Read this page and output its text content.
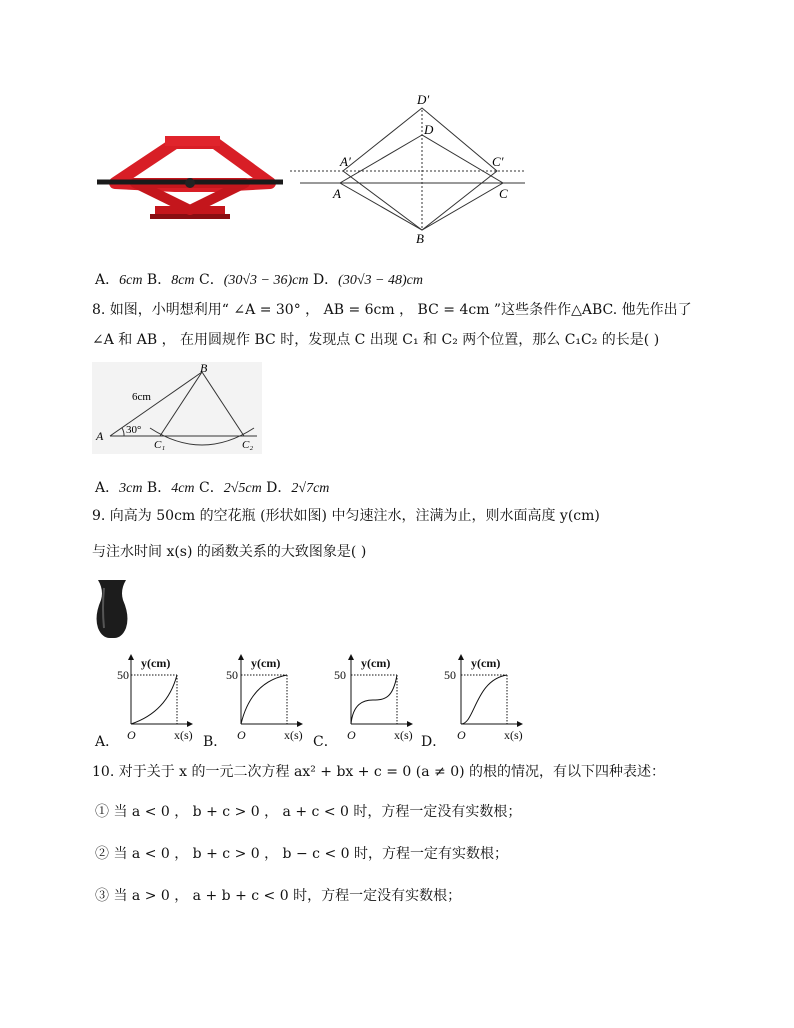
D′
D
A′	C′
A	C
B
A．6cm B．8cm C．(30√3 − 36)cm D．(30√3 − 48)cm
8. 如图，小明想利用“ ∠A = 30° ， AB = 6cm ， BC = 4cm ”这些条件作△ABC. 他先作出了
∠A 和 AB ， 在用圆规作 BC 时，发现点 C 出现 C₁ 和 C₂ 两个位置，那么 C₁C₂ 的长是( )
B
A
6cm
30°
C₁	C₂
A．3cm B．4cm C．2√5cm D．2√7cm
9. 向高为 50cm 的空花瓶 (形状如图) 中匀速注水，注满为止，则水面高度 y(cm)
与注水时间 x(s) 的函数关系的大致图象是( )
y(cm)
50
O	x(s)
y(cm)
50
O	x(s)
y(cm)
50
O	x(s)
y(cm)
50
O	x(s)
A．	B．	C．	D．
10. 对于关于 x 的一元二次方程 ax² + bx + c = 0 (a ≠ 0) 的根的情况，有以下四种表述：
① 当 a < 0 ， b + c > 0 ， a + c < 0 时，方程一定没有实数根；
② 当 a < 0 ， b + c > 0 ， b − c < 0 时，方程一定有实数根；
③ 当 a > 0 ， a + b + c < 0 时，方程一定没有实数根；
